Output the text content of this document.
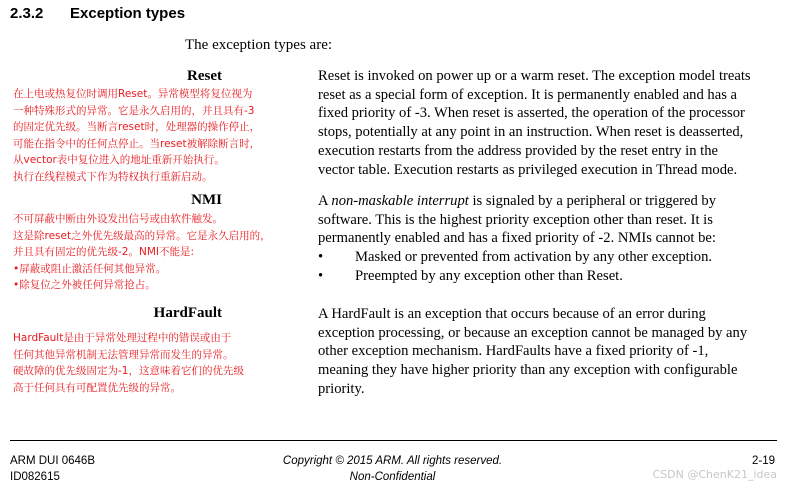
2.3.2 Exception types
The exception types are:
Reset
在上电或热复位时调用Reset。异常模型将复位视为
一种特殊形式的异常。它是永久启用的，并且具有-3
的固定优先级。当断言reset时，处理器的操作停止，
可能在指令中的任何点停止。当reset被解除断言时，
从vector表中复位进入的地址重新开始执行。
执行在线程模式下作为特权执行重新启动。
Reset is invoked on power up or a warm reset. The exception model treats
reset as a special form of exception. It is permanently enabled and has a
fixed priority of -3. When reset is asserted, the operation of the processor
stops, potentially at any point in an instruction. When reset is deasserted,
execution restarts from the address provided by the reset entry in the
vector table. Execution restarts as privileged execution in Thread mode.
NMI
不可屏蔽中断由外设发出信号或由软件触发。
这是除reset之外优先级最高的异常。它是永久启用的，
并且具有固定的优先级-2。NMI不能是:
•屏蔽或阻止激活任何其他异常。
•除复位之外被任何异常抢占。
A non-maskable interrupt is signaled by a peripheral or triggered by
software. This is the highest priority exception other than reset. It is
permanently enabled and has a fixed priority of -2. NMIs cannot be:
• Masked or prevented from activation by any other exception.
• Preempted by any exception other than Reset.
HardFault
HardFault是由于异常处理过程中的错误或由于
任何其他异常机制无法管理异常而发生的异常。
硬故障的优先级固定为-1，这意味着它们的优先级
高于任何具有可配置优先级的异常。
A HardFault is an exception that occurs because of an error during
exception processing, or because an exception cannot be managed by any
other exception mechanism. HardFaults have a fixed priority of -1,
meaning they have higher priority than any exception with configurable
priority.
Copyright © 2015 ARM. All rights reserved.
Non-Confidential
ARM DUI 0646B
ID082615
2-19
CSDN @ChenK21_idea
